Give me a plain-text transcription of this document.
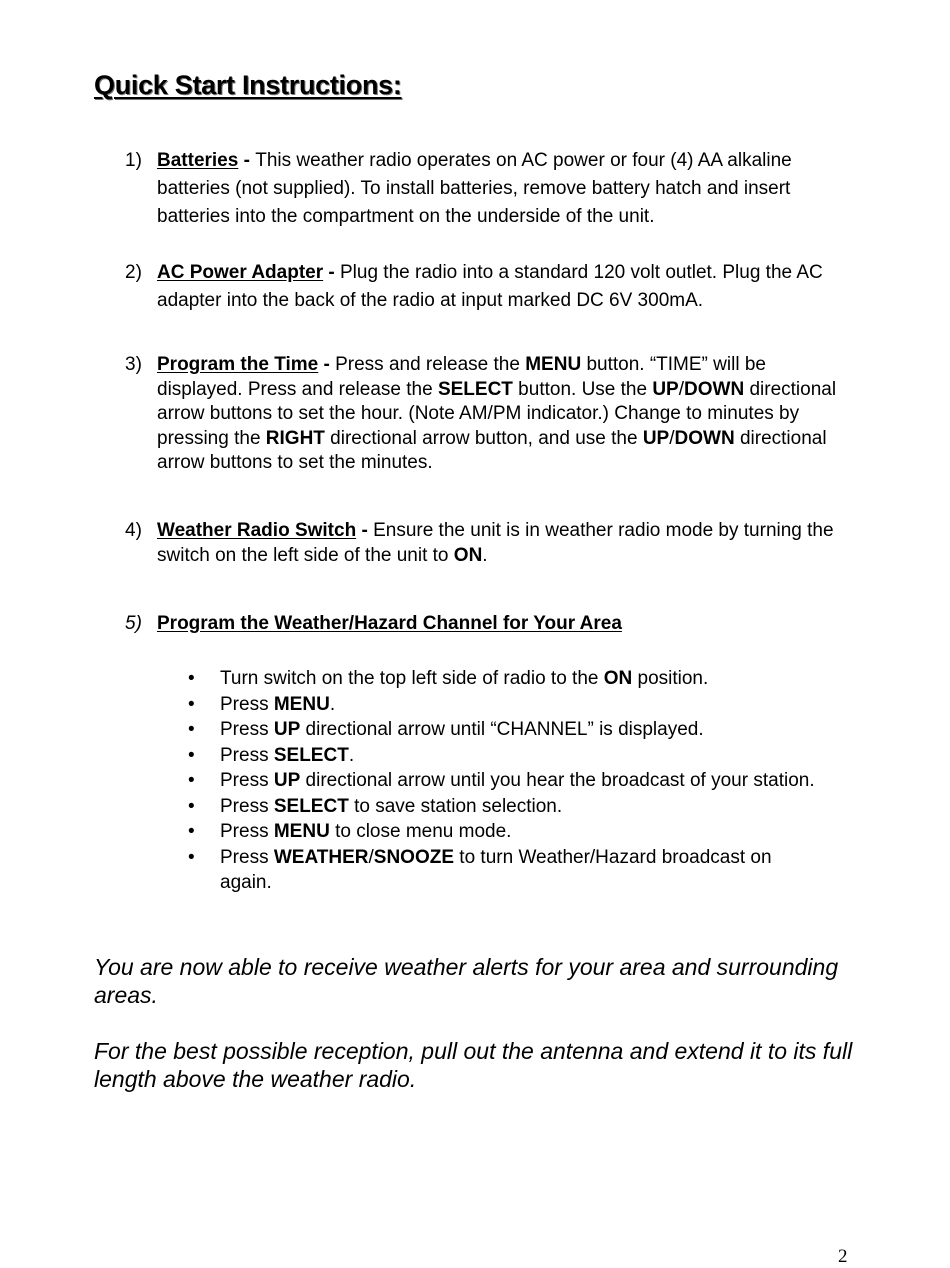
Quick Start Instructions:
1) Batteries - This weather radio operates on AC power or four (4) AA alkaline batteries (not supplied). To install batteries, remove battery hatch and insert batteries into the compartment on the underside of the unit.
2) AC Power Adapter - Plug the radio into a standard 120 volt outlet. Plug the AC adapter into the back of the radio at input marked DC 6V 300mA.
3) Program the Time - Press and release the MENU button. “TIME” will be displayed. Press and release the SELECT button. Use the UP/DOWN directional arrow buttons to set the hour. (Note AM/PM indicator.) Change to minutes by pressing the RIGHT directional arrow button, and use the UP/DOWN directional arrow buttons to set the minutes.
4) Weather Radio Switch - Ensure the unit is in weather radio mode by turning the switch on the left side of the unit to ON.
5) Program the Weather/Hazard Channel for Your Area
• Turn switch on the top left side of radio to the ON position.
• Press MENU.
• Press UP directional arrow until “CHANNEL” is displayed.
• Press SELECT.
• Press UP directional arrow until you hear the broadcast of your station.
• Press SELECT to save station selection.
• Press MENU to close menu mode.
• Press WEATHER/SNOOZE to turn Weather/Hazard broadcast on again.

You are now able to receive weather alerts for your area and surrounding areas.

For the best possible reception, pull out the antenna and extend it to its full length above the weather radio.

2
